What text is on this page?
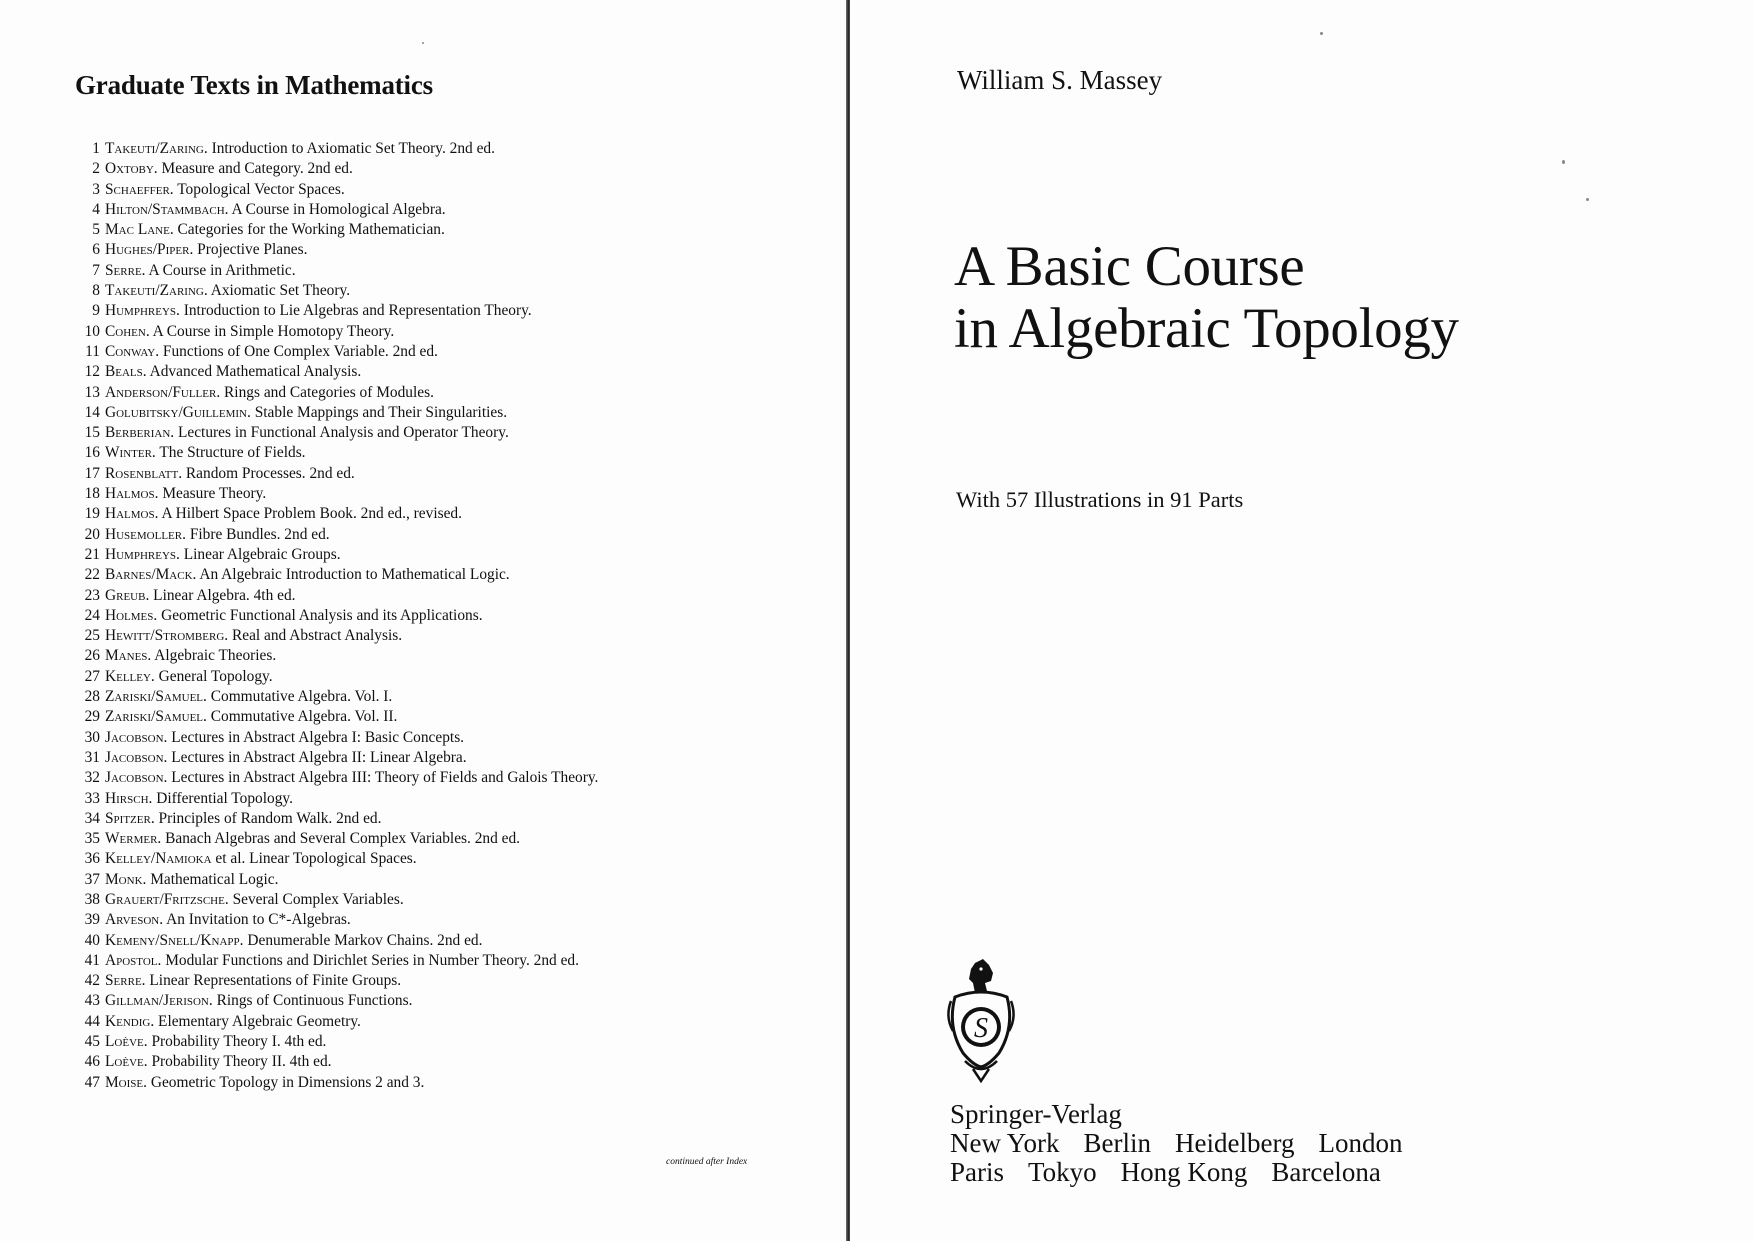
Graduate Texts in Mathematics
1 Takeuti/Zaring. Introduction to Axiomatic Set Theory. 2nd ed.
2 Oxtoby. Measure and Category. 2nd ed.
3 Schaeffer. Topological Vector Spaces.
4 Hilton/Stammbach. A Course in Homological Algebra.
5 Mac Lane. Categories for the Working Mathematician.
6 Hughes/Piper. Projective Planes.
7 Serre. A Course in Arithmetic.
8 Takeuti/Zaring. Axiomatic Set Theory.
9 Humphreys. Introduction to Lie Algebras and Representation Theory.
10 Cohen. A Course in Simple Homotopy Theory.
11 Conway. Functions of One Complex Variable. 2nd ed.
12 Beals. Advanced Mathematical Analysis.
13 Anderson/Fuller. Rings and Categories of Modules.
14 Golubitsky/Guillemin. Stable Mappings and Their Singularities.
15 Berberian. Lectures in Functional Analysis and Operator Theory.
16 Winter. The Structure of Fields.
17 Rosenblatt. Random Processes. 2nd ed.
18 Halmos. Measure Theory.
19 Halmos. A Hilbert Space Problem Book. 2nd ed., revised.
20 Husemoller. Fibre Bundles. 2nd ed.
21 Humphreys. Linear Algebraic Groups.
22 Barnes/Mack. An Algebraic Introduction to Mathematical Logic.
23 Greub. Linear Algebra. 4th ed.
24 Holmes. Geometric Functional Analysis and its Applications.
25 Hewitt/Stromberg. Real and Abstract Analysis.
26 Manes. Algebraic Theories.
27 Kelley. General Topology.
28 Zariski/Samuel. Commutative Algebra. Vol. I.
29 Zariski/Samuel. Commutative Algebra. Vol. II.
30 Jacobson. Lectures in Abstract Algebra I: Basic Concepts.
31 Jacobson. Lectures in Abstract Algebra II: Linear Algebra.
32 Jacobson. Lectures in Abstract Algebra III: Theory of Fields and Galois Theory.
33 Hirsch. Differential Topology.
34 Spitzer. Principles of Random Walk. 2nd ed.
35 Wermer. Banach Algebras and Several Complex Variables. 2nd ed.
36 Kelley/Namioka et al. Linear Topological Spaces.
37 Monk. Mathematical Logic.
38 Grauert/Fritzsche. Several Complex Variables.
39 Arveson. An Invitation to C*-Algebras.
40 Kemeny/Snell/Knapp. Denumerable Markov Chains. 2nd ed.
41 Apostol. Modular Functions and Dirichlet Series in Number Theory. 2nd ed.
42 Serre. Linear Representations of Finite Groups.
43 Gillman/Jerison. Rings of Continuous Functions.
44 Kendig. Elementary Algebraic Geometry.
45 Loève. Probability Theory I. 4th ed.
46 Loève. Probability Theory II. 4th ed.
47 Moise. Geometric Topology in Dimensions 2 and 3.
continued after Index
William S. Massey
A Basic Course
in Algebraic Topology
With 57 Illustrations in 91 Parts
S
Springer-Verlag
New York Berlin Heidelberg London
Paris Tokyo Hong Kong Barcelona
